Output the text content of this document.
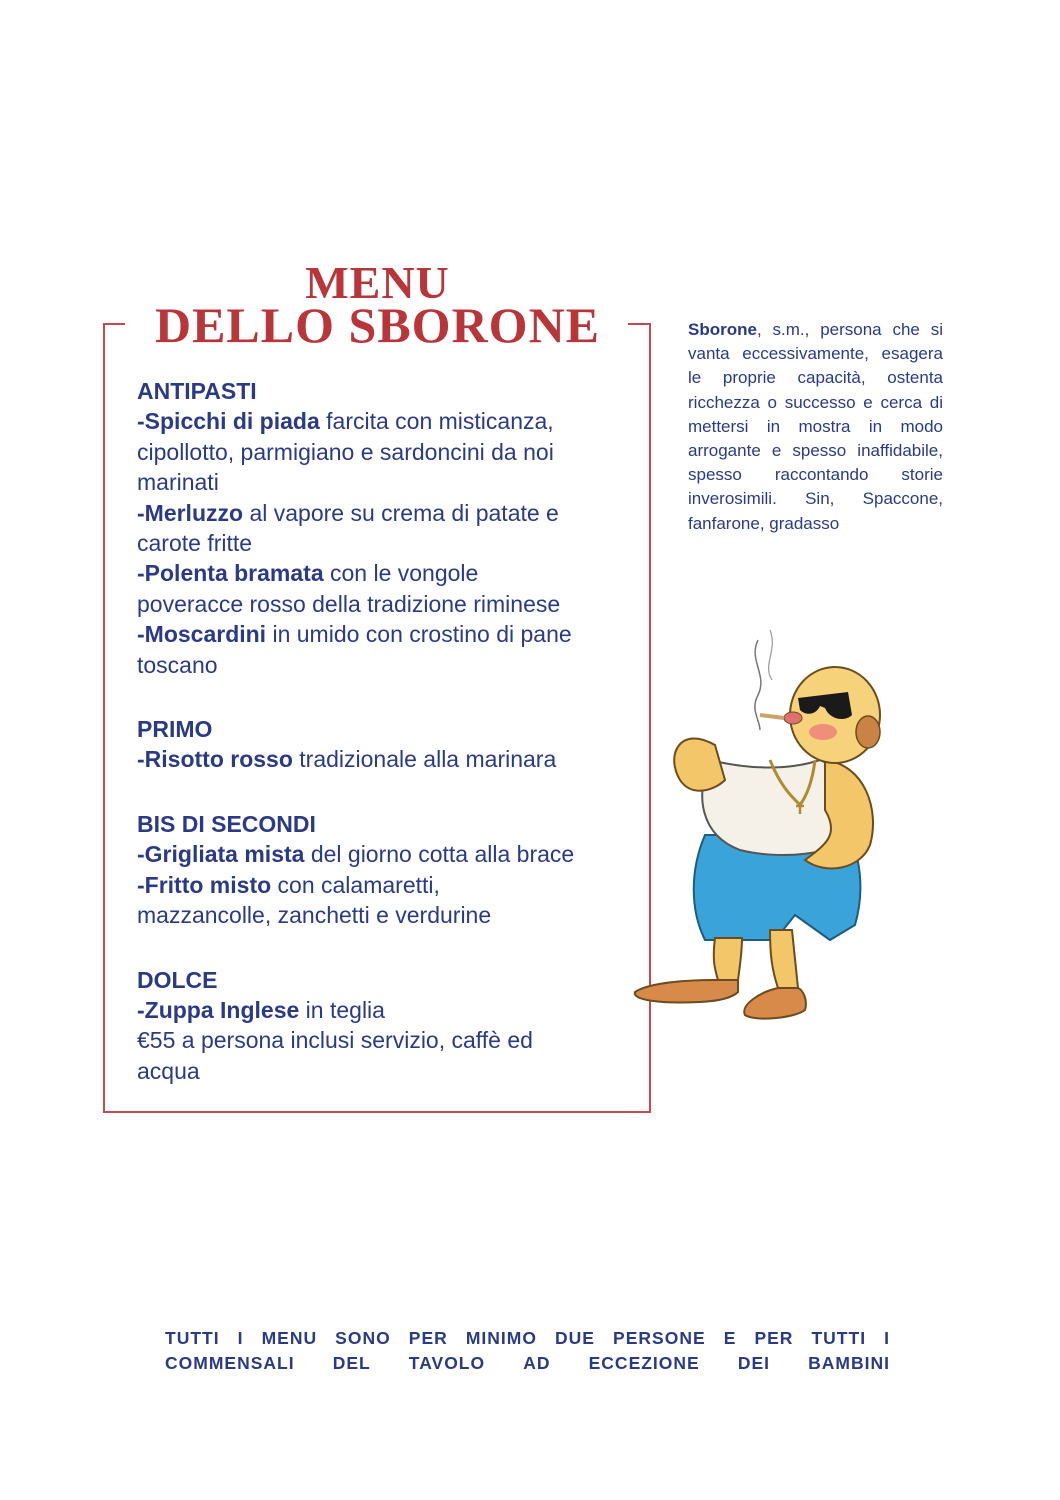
MENU
DELLO SBORONE
ANTIPASTI
-Spicchi di piada farcita con misticanza,
cipollotto, parmigiano e sardoncini da noi
marinati
-Merluzzo al vapore su crema di patate e
carote fritte
-Polenta bramata con le vongole
poveracce rosso della tradizione riminese
-Moscardini in umido con crostino di pane
toscano
PRIMO
-Risotto rosso tradizionale alla marinara
BIS DI SECONDI
-Grigliata mista del giorno cotta alla brace
-Fritto misto con calamaretti,
mazzancolle, zanchetti e verdurine
DOLCE
-Zuppa Inglese in teglia
€55 a persona inclusi servizio, caffè ed
acqua
Sborone, s.m., persona che si vanta eccessivamente, esagera le proprie capacità, ostenta ricchezza o successo e cerca di mettersi in mostra in modo arrogante e spesso inaffidabile, spesso raccontando storie inverosimili. Sin, Spaccone, fanfarone, gradasso
TUTTI I MENU SONO PER MINIMO DUE PERSONE E PER TUTTI I
COMMENSALI DEL TAVOLO AD ECCEZIONE DEI BAMBINI
